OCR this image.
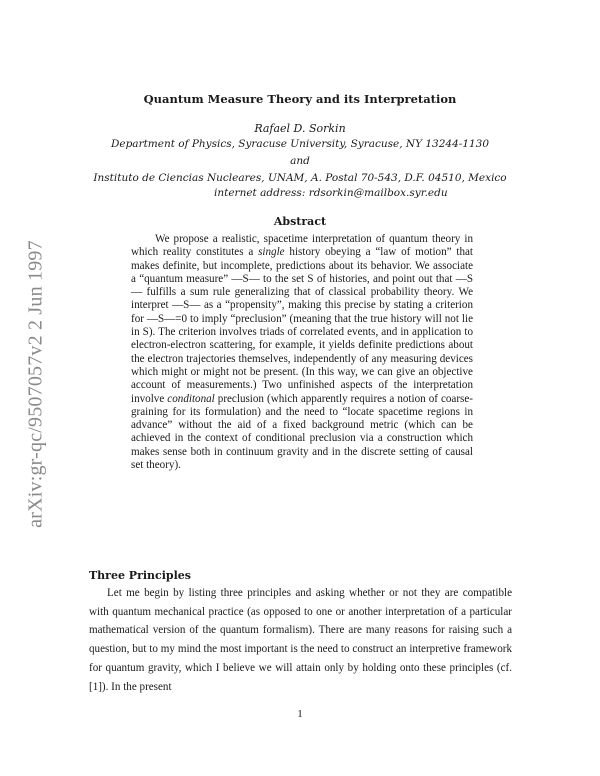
arXiv:gr-qc/9507057v2 2 Jun 1997
Quantum Measure Theory and its Interpretation
Rafael D. Sorkin
Department of Physics, Syracuse University, Syracuse, NY 13244-1130
and
Instituto de Ciencias Nucleares, UNAM, A. Postal 70-543, D.F. 04510, Mexico
internet address: rdsorkin@mailbox.syr.edu
Abstract

We propose a realistic, spacetime interpretation of quantum theory in which reality constitutes a single history obeying a “law of motion” that makes definite, but incomplete, predictions about its behavior. We associate a “quantum measure” —S— to the set S of histories, and point out that —S— fulfills a sum rule generalizing that of classical probability theory. We interpret —S— as a “propensity”, making this precise by stating a criterion for —S—=0 to imply “preclusion” (meaning that the true history will not lie in S). The criterion involves triads of correlated events, and in application to electron-electron scattering, for example, it yields definite predictions about the electron trajectories themselves, independently of any measuring devices which might or might not be present. (In this way, we can give an objective account of measurements.) Two unfinished aspects of the interpretation involve conditonal preclusion (which apparently requires a notion of coarse-graining for its formulation) and the need to “locate spacetime regions in advance” without the aid of a fixed background metric (which can be achieved in the context of conditional preclusion via a construction which makes sense both in continuum gravity and in the discrete setting of causal set theory).

Three Principles

Let me begin by listing three principles and asking whether or not they are compatible with quantum mechanical practice (as opposed to one or another interpretation of a particular mathematical version of the quantum formalism). There are many reasons for raising such a question, but to my mind the most important is the need to construct an interpretive framework for quantum gravity, which I believe we will attain only by holding onto these principles (cf. [1]). In the present

1
